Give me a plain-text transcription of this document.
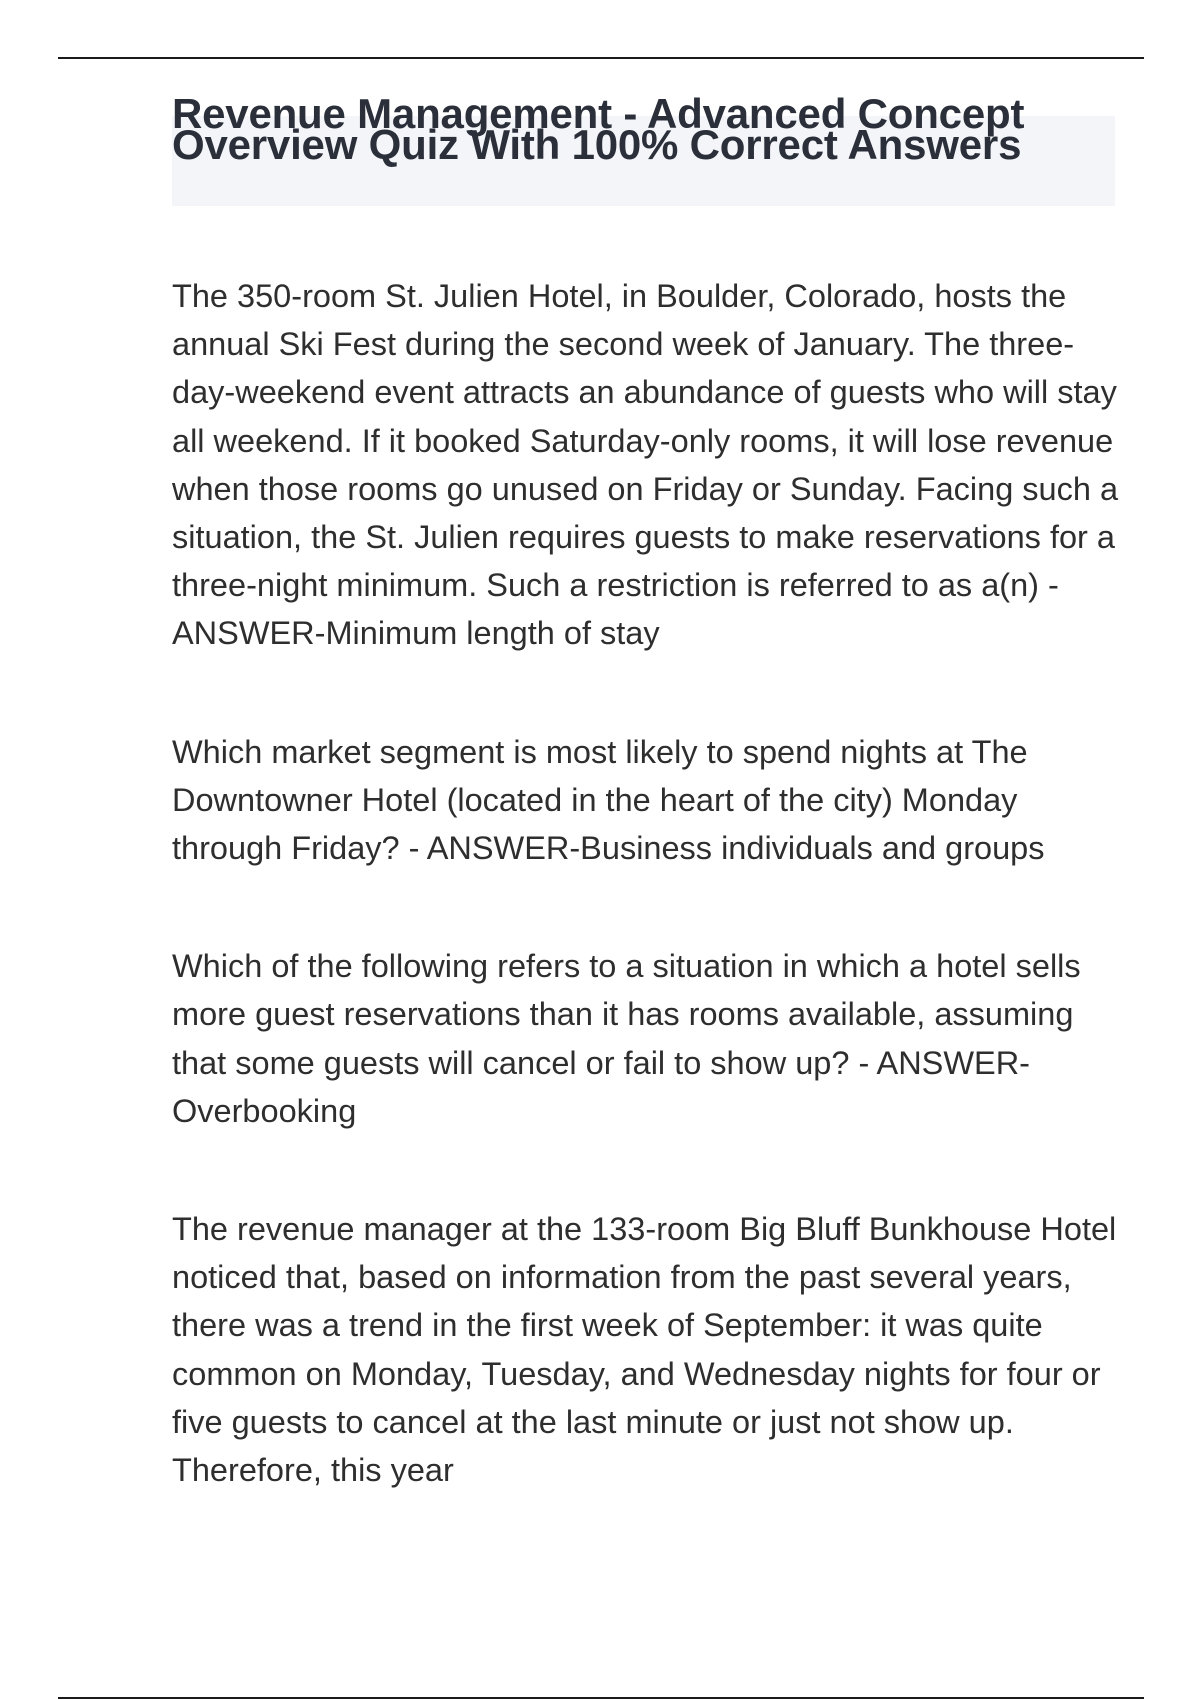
Revenue Management - Advanced Concept Overview Quiz With 100% Correct Answers

The 350-room St. Julien Hotel, in Boulder, Colorado, hosts the annual Ski Fest during the second week of January. The three-day-weekend event attracts an abundance of guests who will stay all weekend. If it booked Saturday-only rooms, it will lose revenue when those rooms go unused on Friday or Sunday. Facing such a situation, the St. Julien requires guests to make reservations for a three-night minimum. Such a restriction is referred to as a(n) - ANSWER-Minimum length of stay

Which market segment is most likely to spend nights at The Downtowner Hotel (located in the heart of the city) Monday through Friday? - ANSWER-Business individuals and groups

Which of the following refers to a situation in which a hotel sells more guest reservations than it has rooms available, assuming that some guests will cancel or fail to show up? - ANSWER-Overbooking

The revenue manager at the 133-room Big Bluff Bunkhouse Hotel noticed that, based on information from the past several years, there was a trend in the first week of September: it was quite common on Monday, Tuesday, and Wednesday nights for four or five guests to cancel at the last minute or just not show up. Therefore, this year
